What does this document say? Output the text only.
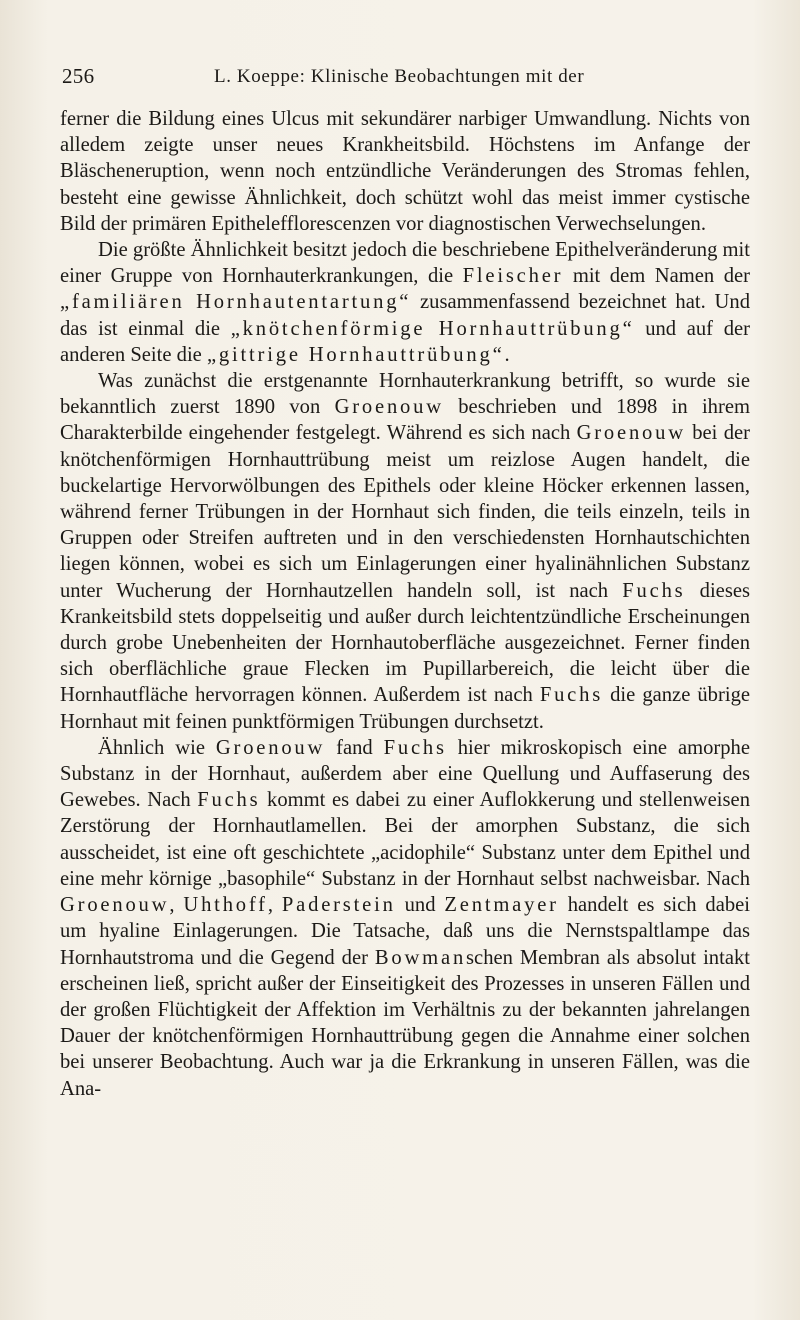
256	L. Koeppe: Klinische Beobachtungen mit der

ferner die Bildung eines Ulcus mit sekundärer narbiger Umwandlung. Nichts von alledem zeigte unser neues Krankheitsbild. Höchstens im Anfange der Bläscheneruption, wenn noch entzündliche Veränderungen des Stromas fehlen, besteht eine gewisse Ähnlichkeit, doch schützt wohl das meist immer cystische Bild der primären Epithelefflorescenzen vor diagnostischen Verwechselungen.

Die größte Ähnlichkeit besitzt jedoch die beschriebene Epithelveränderung mit einer Gruppe von Hornhauterkrankungen, die Fleischer mit dem Namen der „familiären Hornhautentartung“ zusammenfassend bezeichnet hat. Und das ist einmal die „knötchenförmige Hornhauttrübung“ und auf der anderen Seite die „gittrige Hornhauttrübung“.

Was zunächst die erstgenannte Hornhauterkrankung betrifft, so wurde sie bekanntlich zuerst 1890 von Groenouw beschrieben und 1898 in ihrem Charakterbilde eingehender festgelegt. Während es sich nach Groenouw bei der knötchenförmigen Hornhauttrübung meist um reizlose Augen handelt, die buckelartige Hervorwölbungen des Epithels oder kleine Höcker erkennen lassen, während ferner Trübungen in der Hornhaut sich finden, die teils einzeln, teils in Gruppen oder Streifen auftreten und in den verschiedensten Hornhautschichten liegen können, wobei es sich um Einlagerungen einer hyalinähnlichen Substanz unter Wucherung der Hornhautzellen handeln soll, ist nach Fuchs dieses Krankeitsbild stets doppelseitig und außer durch leichtentzündliche Erscheinungen durch grobe Unebenheiten der Hornhautoberfläche ausgezeichnet. Ferner finden sich oberflächliche graue Flecken im Pupillarbereich, die leicht über die Hornhautfläche hervorragen können. Außerdem ist nach Fuchs die ganze übrige Hornhaut mit feinen punktförmigen Trübungen durchsetzt.

Ähnlich wie Groenouw fand Fuchs hier mikroskopisch eine amorphe Substanz in der Hornhaut, außerdem aber eine Quellung und Auffaserung des Gewebes. Nach Fuchs kommt es dabei zu einer Auflokkerung und stellenweisen Zerstörung der Hornhautlamellen. Bei der amorphen Substanz, die sich ausscheidet, ist eine oft geschichtete „acidophile“ Substanz unter dem Epithel und eine mehr körnige „basophile“ Substanz in der Hornhaut selbst nachweisbar. Nach Groenouw, Uhthoff, Paderstein und Zentmayer handelt es sich dabei um hyaline Einlagerungen. Die Tatsache, daß uns die Nernstspaltlampe das Hornhautstroma und die Gegend der Bowmanschen Membran als absolut intakt erscheinen ließ, spricht außer der Einseitigkeit des Prozesses in unseren Fällen und der großen Flüchtigkeit der Affektion im Verhältnis zu der bekannten jahrelangen Dauer der knötchenförmigen Hornhauttrübung gegen die Annahme einer solchen bei unserer Beobachtung. Auch war ja die Erkrankung in unseren Fällen, was die Ana-
